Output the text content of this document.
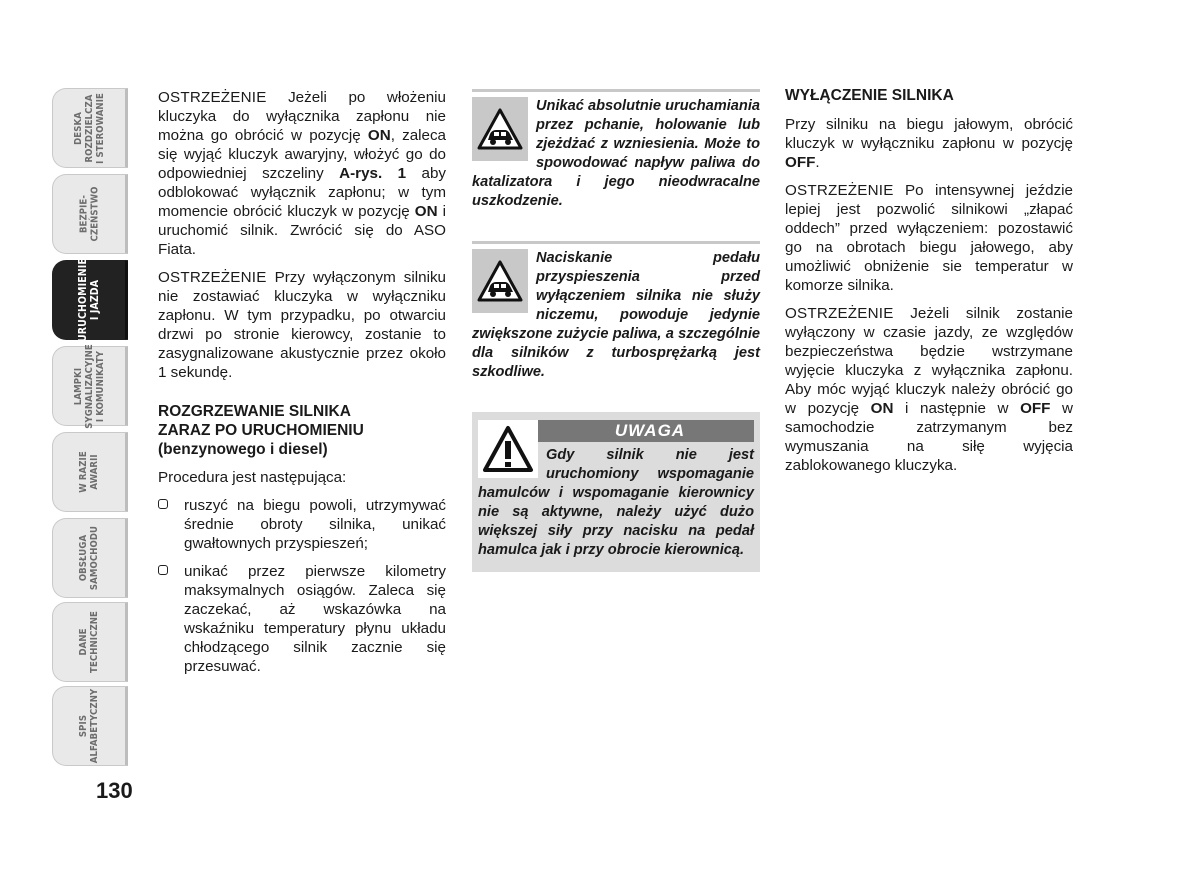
DESKA
ROZDZIELCZA
I STEROWANIE
BEZPIE-
CZEŃSTWO
URUCHOMIENIE
I JAZDA
LAMPKI
SYGNALIZACYJNE
I KOMUNIKATY
W RAZIE
AWARII
OBSŁUGA
SAMOCHODU
DANE
TECHNICZNE
SPIS
ALFABETYCZNY
130

OSTRZEŻENIE Jeżeli po włożeniu kluczyka do wyłącznika zapłonu nie można go obrócić w pozycję ON, zaleca się wyjąć kluczyk awaryjny, włożyć go do odpowiedniej szczeliny A-rys. 1 aby odblokować wyłącznik zapłonu; w tym momencie obrócić kluczyk w pozycję ON i uruchomić silnik. Zwrócić się do ASO Fiata.

OSTRZEŻENIE Przy wyłączonym silniku nie zostawiać kluczyka w wyłączniku zapłonu. W tym przypadku, po otwarciu drzwi po stronie kierowcy, zostanie to zasygnalizowane akustycznie przez około 1 sekundę.

ROZGRZEWANIE SILNIKA
ZARAZ PO URUCHOMIENIU
(benzynowego i diesel)

Procedura jest następująca:

ruszyć na biegu powoli, utrzymywać średnie obroty silnika, unikać gwałtownych przyspieszeń;
unikać przez pierwsze kilometry maksymalnych osiągów. Zaleca się zaczekać, aż wskazówka na wskaźniku temperatury płynu układu chłodzącego silnik zacznie się przesuwać.

Unikać absolutnie uruchamiania przez pchanie, holowanie lub zjeżdżać z wzniesienia. Może to spowodować napływ paliwa do katalizatora i jego nieodwracalne uszkodzenie.

Naciskanie pedału przyspieszenia przed wyłączeniem silnika nie służy niczemu, powoduje jedynie zwiększone zużycie paliwa, a szczególnie dla silników z turbosprężarką jest szkodliwe.

UWAGA

Gdy silnik nie jest uruchomiony wspomaganie hamulców i wspomaganie kierownicy nie są aktywne, należy użyć dużo większej siły przy nacisku na pedał hamulca jak i przy obrocie kierownicą.

WYŁĄCZENIE SILNIKA

Przy silniku na biegu jałowym, obrócić kluczyk w wyłączniku zapłonu w pozycję OFF.

OSTRZEŻENIE Po intensywnej jeździe lepiej jest pozwolić silnikowi „złapać oddech” przed wyłączeniem: pozostawić go na obrotach biegu jałowego, aby umożliwić obniżenie sie temperatur w komorze silnika.

OSTRZEŻENIE Jeżeli silnik zostanie wyłączony w czasie jazdy, ze względów bezpieczeństwa będzie wstrzymane wyjęcie kluczyka z wyłącznika zapłonu. Aby móc wyjąć kluczyk należy obrócić go w pozycję ON i następnie w OFF w samochodzie zatrzymanym bez wymuszania na siłę wyjęcia zablokowanego kluczyka.
